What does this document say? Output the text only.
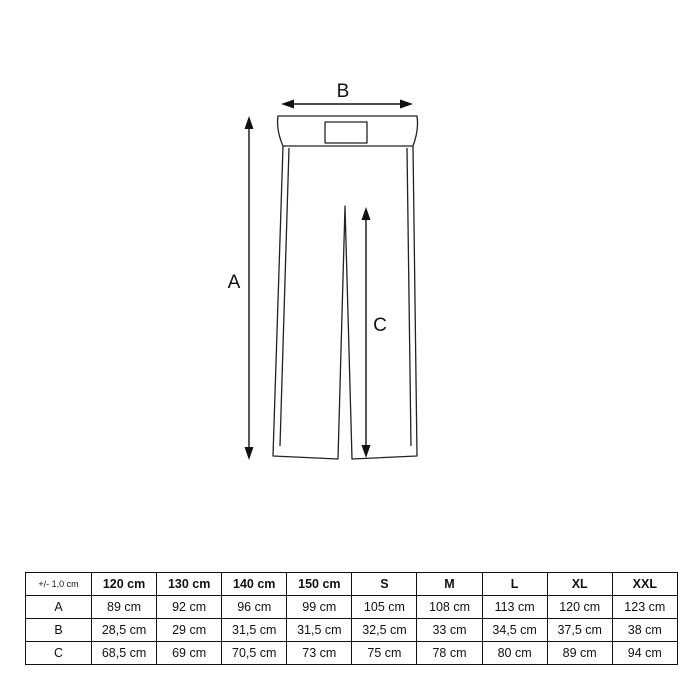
A
B
C
+/- 1,0 cm	120 cm	130 cm	140 cm	150 cm	S	M	L	XL	XXL
A	89 cm	92 cm	96 cm	99 cm	105 cm	108 cm	113 cm	120 cm	123 cm
B	28,5 cm	29 cm	31,5 cm	31,5 cm	32,5 cm	33 cm	34,5 cm	37,5 cm	38 cm
C	68,5 cm	69 cm	70,5 cm	73 cm	75 cm	78 cm	80 cm	89 cm	94 cm
